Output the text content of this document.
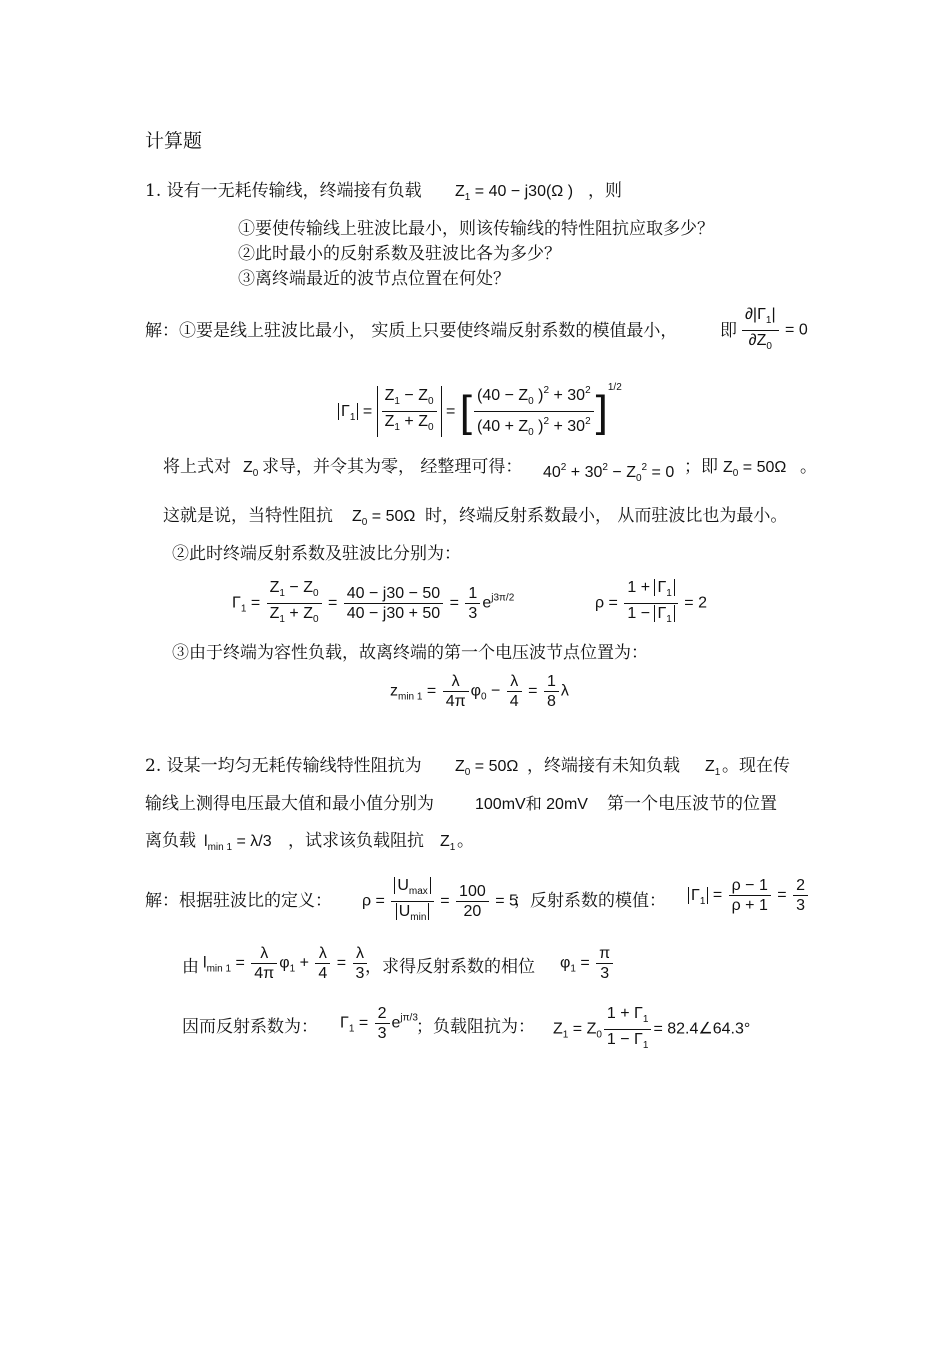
计算题
1. 设有一无耗传输线，终端接有负载 $Z_1 = 40 - j30(\Omega$ ) ，则
①要使传输线上驻波比最小，则该传输线的特性阻抗应取多少？
②此时最小的反射系数及驻波比各为多少？
③离终端最近的波节点位置在何处？
解：①要是线上驻波比最小， 实质上只要使终端反射系数的模值最小，	即 $\frac{\partial|\Gamma_1|}{\partial Z_0} = 0$
$\Gamma_1 = \frac{Z_1 - Z_0}{Z_1 + Z_0}$ = [ $\frac{(40 - Z_0 )^2 + 30^2}{(40 + Z_0 )^2 + 30^2} ]^{1/2}$
将上式对 $Z_0$ 求导，并令其为零， 经整理可得： $40^2 + 30^2 - Z_0^2 = 0$ ；即 $Z_0 = 50\Omega$ 。
这就是说，当特性阻抗 $Z_0 = 50\Omega$ 时，终端反射系数最小， 从而驻波比也为最小。
②此时终端反射系数及驻波比分别为：
$\Gamma_1 = \frac{Z_1 - Z_0}{Z_1 + Z_0} = \frac{40 - j30 - 50}{40 - j30 + 50} = \frac{1}{3} e^{j3\pi/2}$	$\rho = \frac{1 + \Gamma_1}{1 - \Gamma_1} = 2$
③由于终端为容性负载，故离终端的第一个电压波节点位置为：
$z_{min 1} = \frac{\lambda}{4\pi} \varphi_0 - \frac{\lambda}{4} = \frac{1}{8}$ λ
2. 设某一均匀无耗传输线特性阻抗为 $Z_0 = 50\Omega$ ，终端接有未知负载 $Z_1$ 。现在传
输线上测得电压最大值和最小值分别为	100mV和 20mV 第一个电压波节的位置
离负载 $l_{min 1} = \lambda/3$ ，试求该负载阻抗 $Z_1$ 。
解：根据驻波比的定义： $\rho = \frac{U_{max}}{U_{min}} = \frac{100}{20} = 5$
；反射系数的模值： $\Gamma_1 = \frac{\rho - 1}{\rho + 1} = \frac{2}{3}$
由 $l_{min 1} = \frac{\lambda}{4\pi} \varphi_1 + \frac{\lambda}{4} = \frac{\lambda}{3}$
，求得反射系数的相位 $\varphi_1 = \frac{\pi}{3}$
因而反射系数为： $\Gamma_1 = \frac{2}{3} e^{j\pi/3}$
；负载阻抗为： $Z_1 = Z_0 \frac{1 + \Gamma_1}{1 - \Gamma_1}$ = 82.4∠64.3°
